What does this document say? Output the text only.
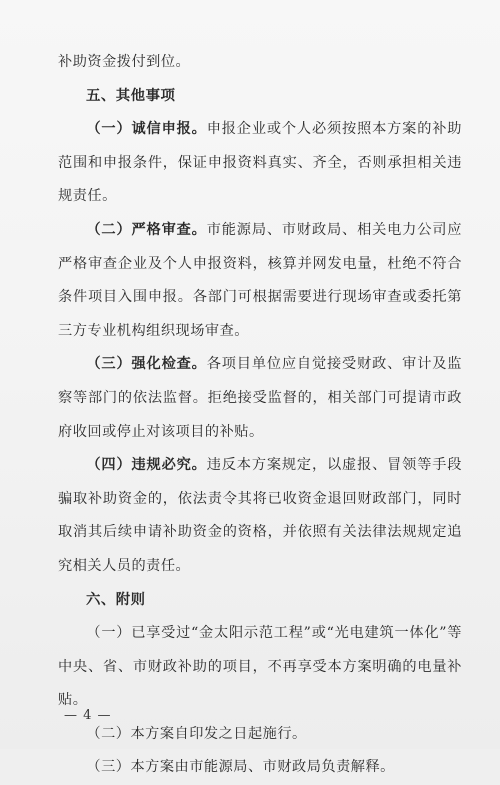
补助资金拨付到位。

五、其他事项

（一）诚信申报。申报企业或个人必须按照本方案的补助范围和申报条件，保证申报资料真实、齐全，否则承担相关违规责任。

（二）严格审查。市能源局、市财政局、相关电力公司应严格审查企业及个人申报资料，核算并网发电量，杜绝不符合条件项目入围申报。各部门可根据需要进行现场审查或委托第三方专业机构组织现场审查。

（三）强化检查。各项目单位应自觉接受财政、审计及监察等部门的依法监督。拒绝接受监督的，相关部门可提请市政府收回或停止对该项目的补贴。

（四）违规必究。违反本方案规定，以虚报、冒领等手段骗取补助资金的，依法责令其将已收资金退回财政部门，同时取消其后续申请补助资金的资格，并依照有关法律法规规定追究相关人员的责任。

六、附则

（一）已享受过“金太阳示范工程”或“光电建筑一体化”等中央、省、市财政补助的项目，不再享受本方案明确的电量补贴。

（二）本方案自印发之日起施行。

（三）本方案由市能源局、市财政局负责解释。

— 4 —
